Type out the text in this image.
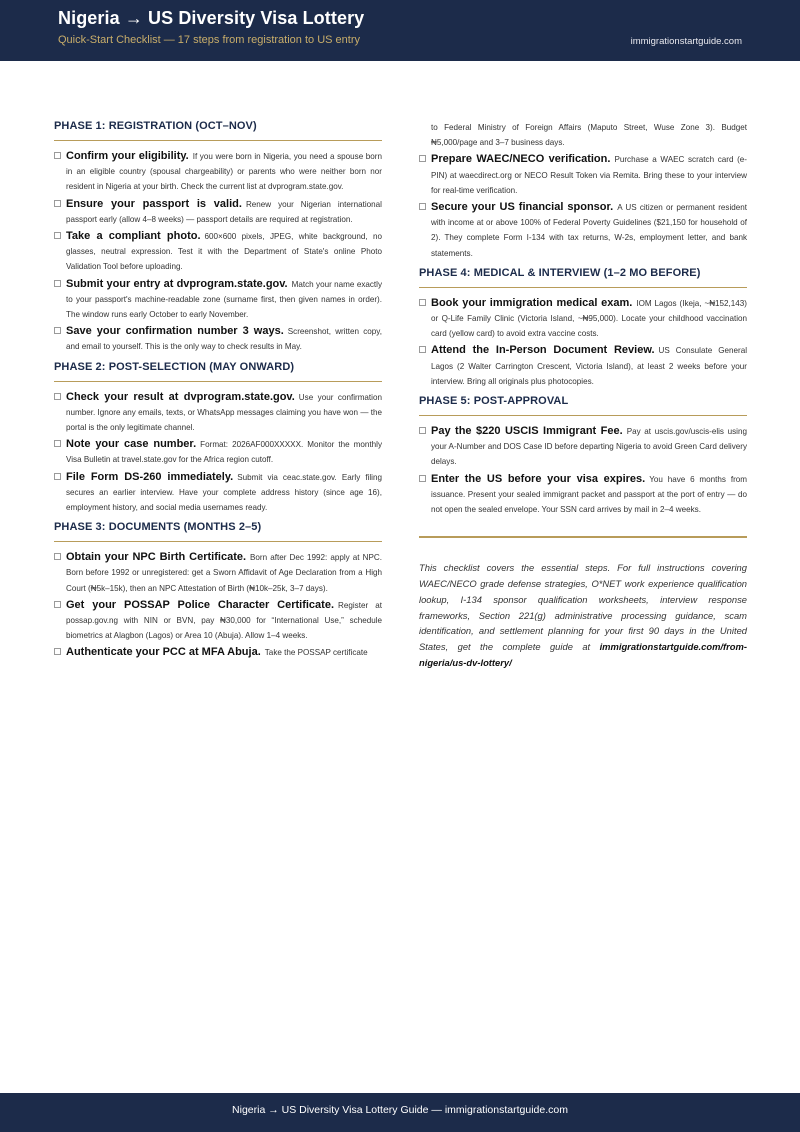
Nigeria → US Diversity Visa Lottery
Quick-Start Checklist — 17 steps from registration to US entry	immigrationstartguide.com
PHASE 1: REGISTRATION (OCT–NOV)
Confirm your eligibility. If you were born in Nigeria, you need a spouse born in an eligible country (spousal chargeability) or parents who were neither born nor resident in Nigeria at your birth. Check the current list at dvprogram.state.gov.
Ensure your passport is valid. Renew your Nigerian international passport early (allow 4–8 weeks) — passport details are required at registration.
Take a compliant photo. 600×600 pixels, JPEG, white background, no glasses, neutral expression. Test it with the Department of State's online Photo Validation Tool before uploading.
Submit your entry at dvprogram.state.gov. Match your name exactly to your passport's machine-readable zone (surname first, then given names in order). The window runs early October to early November.
Save your confirmation number 3 ways. Screenshot, written copy, and email to yourself. This is the only way to check results in May.
PHASE 2: POST-SELECTION (MAY ONWARD)
Check your result at dvprogram.state.gov. Use your confirmation number. Ignore any emails, texts, or WhatsApp messages claiming you have won — the portal is the only legitimate channel.
Note your case number. Format: 2026AF000XXXXX. Monitor the monthly Visa Bulletin at travel.state.gov for the Africa region cutoff.
File Form DS-260 immediately. Submit via ceac.state.gov. Early filing secures an earlier interview. Have your complete address history (since age 16), employment history, and social media usernames ready.
PHASE 3: DOCUMENTS (MONTHS 2–5)
Obtain your NPC Birth Certificate. Born after Dec 1992: apply at NPC. Born before 1992 or unregistered: get a Sworn Affidavit of Age Declaration from a High Court (₦5k–15k), then an NPC Attestation of Birth (₦10k–25k, 3–7 days).
Get your POSSAP Police Character Certificate. Register at possap.gov.ng with NIN or BVN, pay ₦30,000 for “International Use,” schedule biometrics at Alagbon (Lagos) or Area 10 (Abuja). Allow 1–4 weeks.
Authenticate your PCC at MFA Abuja. Take the POSSAP certificate
to Federal Ministry of Foreign Affairs (Maputo Street, Wuse Zone 3). Budget ₦5,000/page and 3–7 business days.
Prepare WAEC/NECO verification. Purchase a WAEC scratch card (e-PIN) at waecdirect.org or NECO Result Token via Remita. Bring these to your interview for real-time verification.
Secure your US financial sponsor. A US citizen or permanent resident with income at or above 100% of Federal Poverty Guidelines ($21,150 for household of 2). They complete Form I-134 with tax returns, W-2s, employment letter, and bank statements.
PHASE 4: MEDICAL & INTERVIEW (1–2 MO BEFORE)
Book your immigration medical exam. IOM Lagos (Ikeja, ~₦152,143) or Q-Life Family Clinic (Victoria Island, ~₦95,000). Locate your childhood vaccination card (yellow card) to avoid extra vaccine costs.
Attend the In-Person Document Review. US Consulate General Lagos (2 Walter Carrington Crescent, Victoria Island), at least 2 weeks before your interview. Bring all originals plus photocopies.
PHASE 5: POST-APPROVAL
Pay the $220 USCIS Immigrant Fee. Pay at uscis.gov/uscis-elis using your A-Number and DOS Case ID before departing Nigeria to avoid Green Card delivery delays.
Enter the US before your visa expires. You have 6 months from issuance. Present your sealed immigrant packet and passport at the port of entry — do not open the sealed envelope. Your SSN card arrives by mail in 2–4 weeks.
This checklist covers the essential steps. For full instructions covering WAEC/NECO grade defense strategies, O*NET work experience qualification lookup, I-134 sponsor qualification worksheets, interview response frameworks, Section 221(g) administrative processing guidance, scam identification, and settlement planning for your first 90 days in the United States, get the complete guide at immigrationstartguide.com/from-nigeria/us-dv-lottery/
Nigeria → US Diversity Visa Lottery Guide — immigrationstartguide.com
